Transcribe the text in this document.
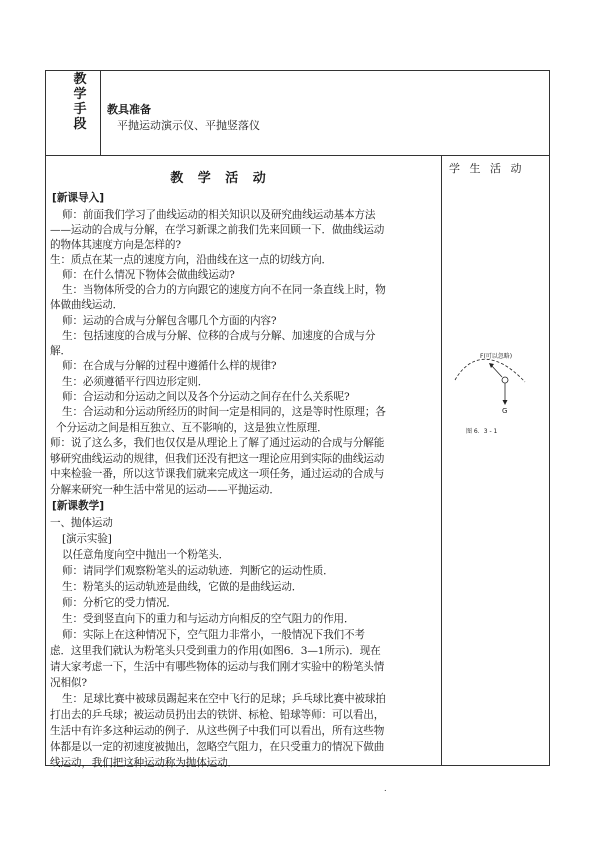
教
学
手
段
教具准备
平抛运动演示仪、平抛竖落仪
教 学 活 动
学 生 活 动
[新课导入]
师：前面我们学习了曲线运动的相关知识以及研究曲线运动基本方法
——运动的合成与分解，在学习新课之前我们先来回顾一下．做曲线运动
的物体其速度方向是怎样的?
生：质点在某一点的速度方向，沿曲线在这一点的切线方向．
师：在什么情况下物体会做曲线运动?
生：当物体所受的合力的方向跟它的速度方向不在同一条直线上时，物
体做曲线运动．
师：运动的合成与分解包含哪几个方面的内容?
生：包括速度的合成与分解、位移的合成与分解、加速度的合成与分
解．
师：在合成与分解的过程中遵循什么样的规律?
生：必须遵循平行四边形定则．
师：合运动和分运动之间以及各个分运动之间存在什么关系呢?
生：合运动和分运动所经历的时间一定是相同的，这是等时性原理；各
个分运动之间是相互独立、互不影响的，这是独立性原理．
师：说了这么多，我们也仅仅是从理论上了解了通过运动的合成与分解能
够研究曲线运动的规律，但我们还没有把这一理论应用到实际的曲线运动
中来检验一番，所以这节课我们就来完成这一项任务，通过运动的合成与
分解来研究一种生活中常见的运动——平抛运动．
[新课教学]
一、抛体运动
[演示实验]
以任意角度向空中抛出一个粉笔头．
师：请同学们观察粉笔头的运动轨迹．判断它的运动性质．
生：粉笔头的运动轨迹是曲线，它做的是曲线运动．
师：分析它的受力情况．
生：受到竖直向下的重力和与运动方向相反的空气阻力的作用．
师：实际上在这种情况下，空气阻力非常小，一般情况下我们不考
虑．这里我们就认为粉笔头只受到重力的作用(如图6．3—1所示)．现在
请大家考虑一下，生活中有哪些物体的运动与我们刚才实验中的粉笔头情
况相似?
生：足球比赛中被球员踢起来在空中飞行的足球；乒乓球比赛中被球拍
打出去的乒乓球；被运动员扔出去的铁饼、标枪、铅球等师：可以看出，
生活中有许多这种运动的例子．从这些例子中我们可以看出，所有这些物
体都是以一定的初速度被抛出，忽略空气阻力，在只受重力的情况下做曲
线运动，我们把这种运动称为抛体运动．
F(可以忽略)
G
图 6．3 - 1
.
